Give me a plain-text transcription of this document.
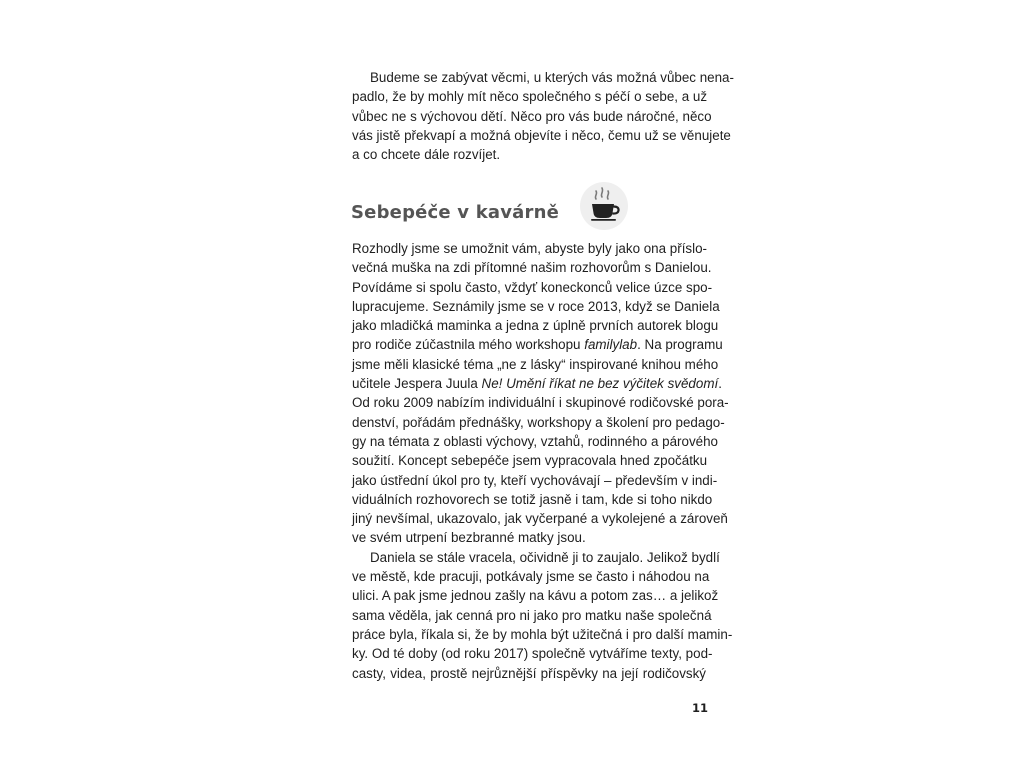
Budeme se zabývat věcmi, u kterých vás možná vůbec nena-
padlo, že by mohly mít něco společného s péčí o sebe, a už
vůbec ne s výchovou dětí. Něco pro vás bude náročné, něco
vás jistě překvapí a možná objevíte i něco, čemu už se věnujete
a co chcete dále rozvíjet.
Sebepéče v kavárně
Rozhodly jsme se umožnit vám, abyste byly jako ona příslo-
večná muška na zdi přítomné našim rozhovorům s Danielou.
Povídáme si spolu často, vždyť koneckonců velice úzce spo-
lupracujeme. Seznámily jsme se v roce 2013, když se Daniela
jako mladičká maminka a jedna z úplně prvních autorek blogu
pro rodiče zúčastnila mého workshopu familylab. Na programu
jsme měli klasické téma „ne z lásky“ inspirované knihou mého
učitele Jespera Juula Ne! Umění říkat ne bez výčitek svědomí.
Od roku 2009 nabízím individuální i skupinové rodičovské pora-
denství, pořádám přednášky, workshopy a školení pro pedago-
gy na témata z oblasti výchovy, vztahů, rodinného a párového
soužití. Koncept sebepéče jsem vypracovala hned zpočátku
jako ústřední úkol pro ty, kteří vychovávají – především v indi-
viduálních rozhovorech se totiž jasně i tam, kde si toho nikdo
jiný nevšímal, ukazovalo, jak vyčerpané a vykolejené a zároveň
ve svém utrpení bezbranné matky jsou.
Daniela se stále vracela, očividně ji to zaujalo. Jelikož bydlí
ve městě, kde pracuji, potkávaly jsme se často i náhodou na
ulici. A pak jsme jednou zašly na kávu a potom zas… a jelikož
sama věděla, jak cenná pro ni jako pro matku naše společná
práce byla, říkala si, že by mohla být užitečná i pro další mamin-
ky. Od té doby (od roku 2017) společně vytváříme texty, pod-
casty, videa, prostě nejrůznější příspěvky na její rodičovský
11
